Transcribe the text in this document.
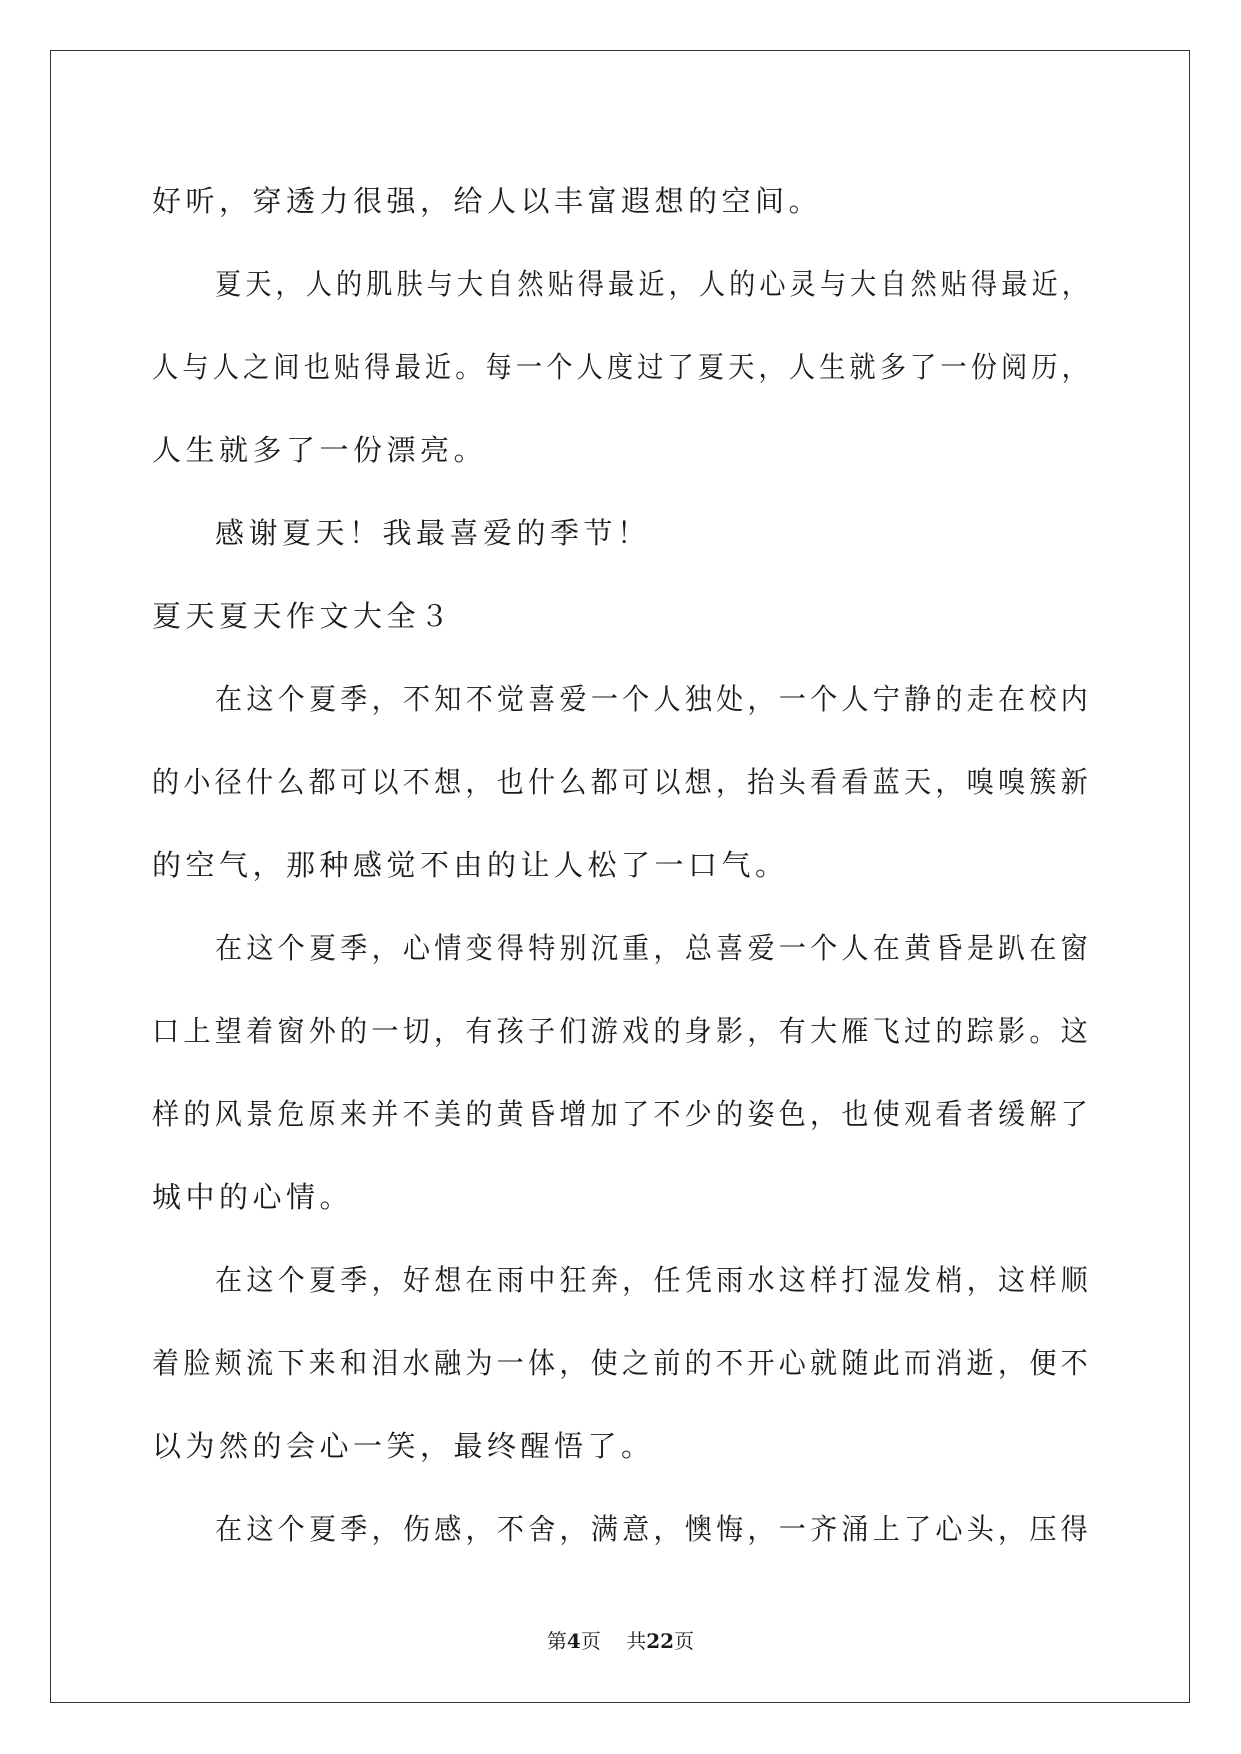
好听，穿透力很强，给人以丰富遐想的空间。
夏天，人的肌肤与大自然贴得最近，人的心灵与大自然贴得最近，
人与人之间也贴得最近。每一个人度过了夏天，人生就多了一份阅历，
人生就多了一份漂亮。
感谢夏天！我最喜爱的季节！
夏天夏天作文大全３
在这个夏季，不知不觉喜爱一个人独处，一个人宁静的走在校内
的小径什么都可以不想，也什么都可以想，抬头看看蓝天，嗅嗅簇新
的空气，那种感觉不由的让人松了一口气。
在这个夏季，心情变得特别沉重，总喜爱一个人在黄昏是趴在窗
口上望着窗外的一切，有孩子们游戏的身影，有大雁飞过的踪影。这
样的风景危原来并不美的黄昏增加了不少的姿色，也使观看者缓解了
城中的心情。
在这个夏季，好想在雨中狂奔，任凭雨水这样打湿发梢，这样顺
着脸颊流下来和泪水融为一体，使之前的不开心就随此而消逝，便不
以为然的会心一笑，最终醒悟了。
在这个夏季，伤感，不舍，满意，懊悔，一齐涌上了心头，压得
第4页 共22页
